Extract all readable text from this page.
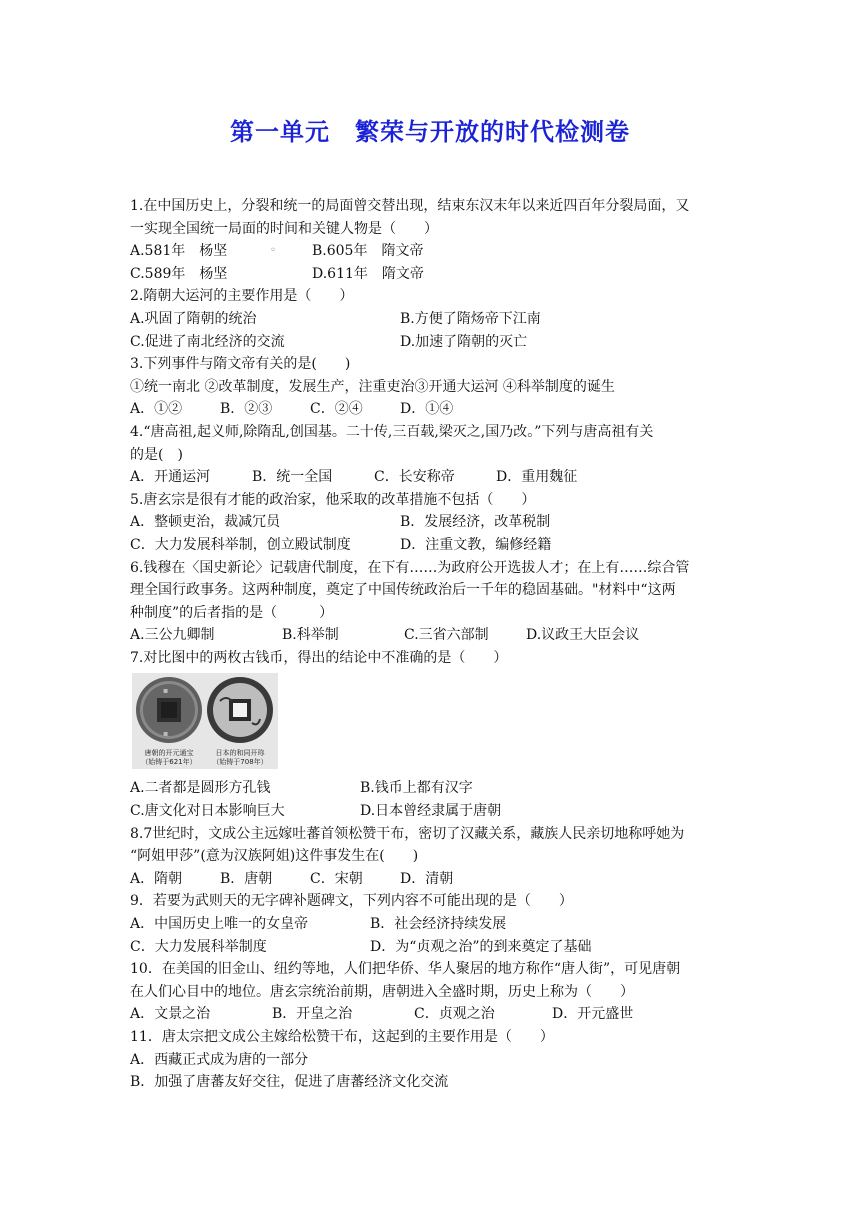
第一单元　繁荣与开放的时代检测卷
1.在中国历史上，分裂和统一的局面曾交替出现，结束东汉末年以来近四百年分裂局面，又
一实现全国统一局面的时间和关键人物是（　　）
A.581年　杨坚	◦	B.605年　隋文帝
C.589年　杨坚	D.611年　隋文帝
2.隋朝大运河的主要作用是（　　）
A.巩固了隋朝的统治	B.方便了隋炀帝下江南
C.促进了南北经济的交流	D.加速了隋朝的灭亡
3.下列事件与隋文帝有关的是(　　)
①统一南北 ②改革制度，发展生产，注重吏治③开通大运河 ④科举制度的诞生
A．①②	B．②③	C．②④	D．①④
4.“唐高祖,起义师,除隋乱,创国基。二十传,三百载,梁灭之,国乃改。”下列与唐高祖有关
的是(　)
A．开通运河	B．统一全国	C．长安称帝	D．重用魏征
5.唐玄宗是很有才能的政治家，他采取的改革措施不包括（　　）
A．整顿吏治，裁减冗员	B．发展经济，改革税制
C．大力发展科举制，创立殿试制度	D．注重文教，编修经籍
6.钱穆在〈国史新论〉记载唐代制度，在下有……为政府公开选拔人才；在上有……综合管
理全国行政事务。这两种制度，奠定了中国传统政治后一千年的稳固基础。"材料中“这两
种制度”的后者指的是（　　　）
A.三公九卿制	B.科举制	C.三省六部制	D.议政王大臣会议
7.对比图中的两枚古钱币，得出的结论中不准确的是（　　）
▪
▪
唐朝的开元通宝
（始铸于621年）
日本的和同开珎
（始铸于708年）
A.二者都是圆形方孔钱	B.钱币上都有汉字
C.唐文化对日本影响巨大	D.日本曾经隶属于唐朝
8.7世纪时，文成公主远嫁吐蕃首领松赞干布，密切了汉藏关系，藏族人民亲切地称呼她为
“阿姐甲莎”(意为汉族阿姐)这件事发生在(　　)
A．隋朝	B．唐朝	C．宋朝	D．清朝
9．若要为武则天的无字碑补题碑文，下列内容不可能出现的是（　　）
A．中国历史上唯一的女皇帝	B．社会经济持续发展
C．大力发展科举制度	D．为“贞观之治”的到来奠定了基础
10．在美国的旧金山、纽约等地，人们把华侨、华人聚居的地方称作“唐人街”，可见唐朝
在人们心目中的地位。唐玄宗统治前期，唐朝进入全盛时期，历史上称为（　　）
A．文景之治	B．开皇之治	C．贞观之治	D．开元盛世
11．唐太宗把文成公主嫁给松赞干布，这起到的主要作用是（　　）
A．西藏正式成为唐的一部分
B．加强了唐蕃友好交往，促进了唐蕃经济文化交流
